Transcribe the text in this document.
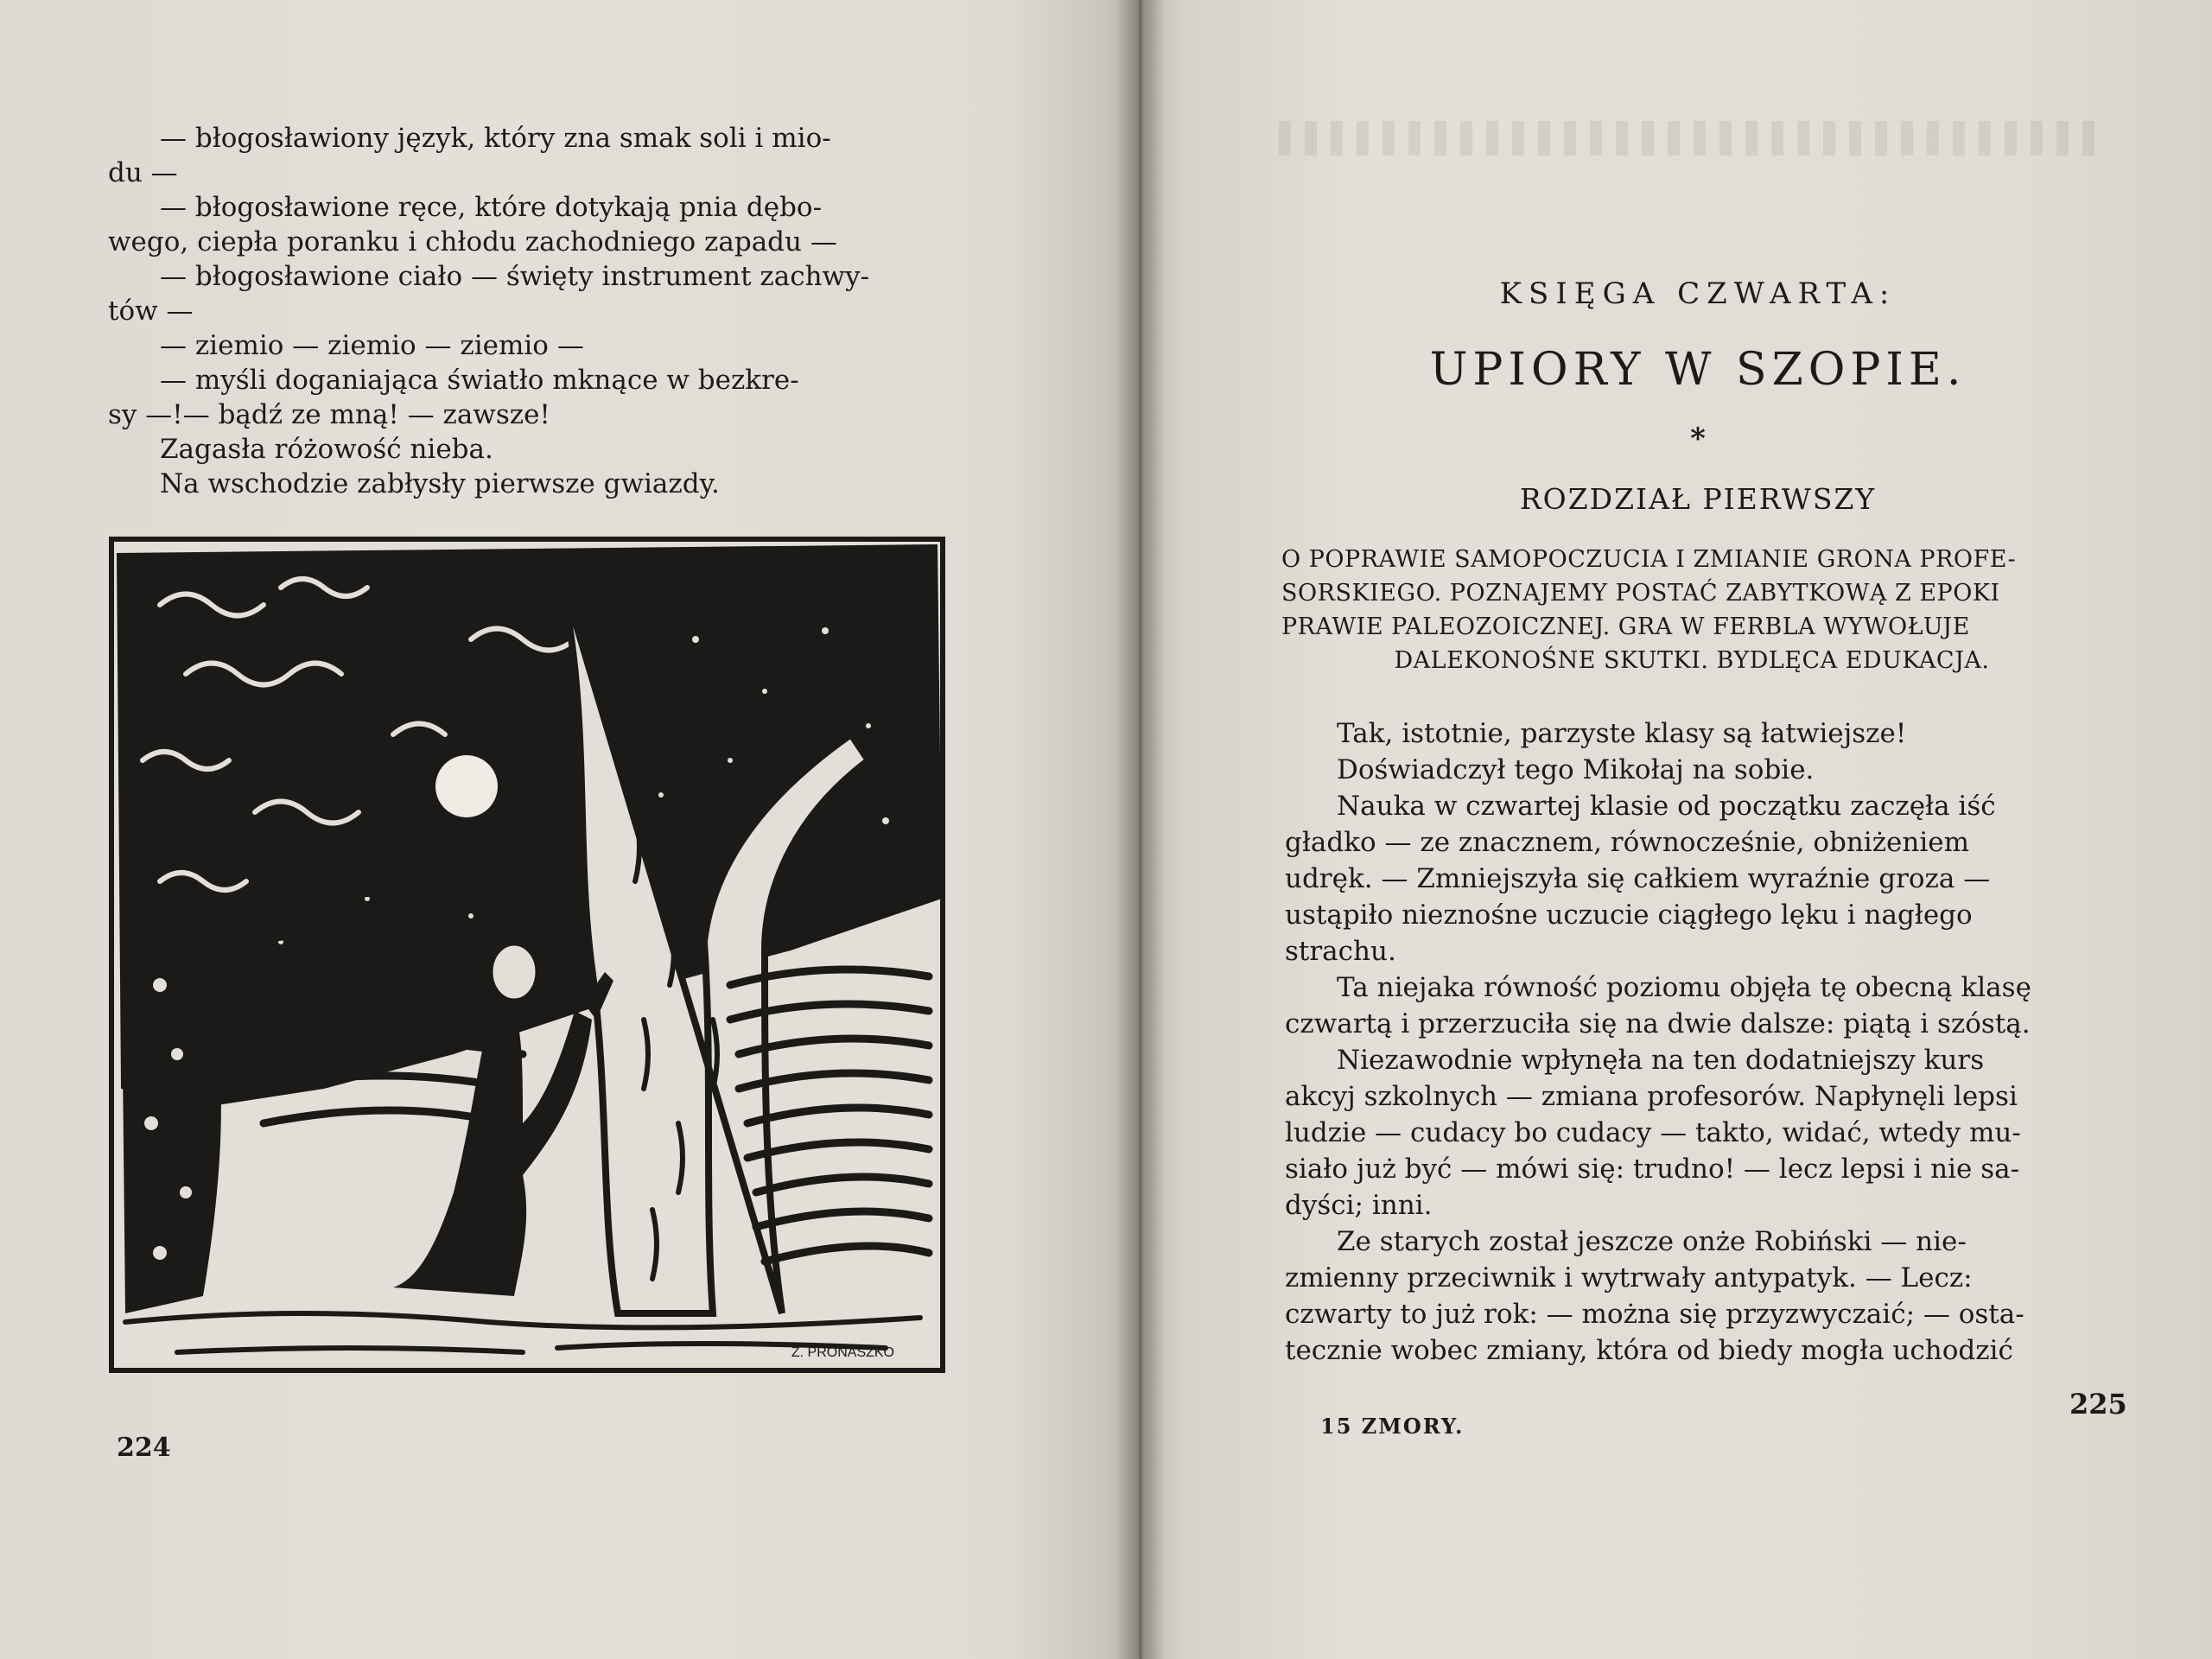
— błogosławiony język, który zna smak soli i mio-
du —
— błogosławione ręce, które dotykają pnia dębo-
wego, ciepła poranku i chłodu zachodniego zapadu —
— błogosławione ciało — święty instrument zachwy-
tów —
— ziemio — ziemio — ziemio —
— myśli doganiająca światło mknące w bezkre-
sy —!— bądź ze mną! — zawsze!
Zagasła różowość nieba.
Na wschodzie zabłysły pierwsze gwiazdy.
Z. PRONASZKO
224
KSIĘGA CZWARTA:
UPIORY W SZOPIE.
*
ROZDZIAŁ PIERWSZY
O POPRAWIE SAMOPOCZUCIA I ZMIANIE GRONA PROFE-
SORSKIEGO. POZNAJEMY POSTAĆ ZABYTKOWĄ Z EPOKI
PRAWIE PALEOZOICZNEJ. GRA W FERBLA WYWOŁUJE
DALEKONOŚNE SKUTKI. BYDLĘCA EDUKACJA.
Tak, istotnie, parzyste klasy są łatwiejsze!
Doświadczył tego Mikołaj na sobie.
Nauka w czwartej klasie od początku zaczęła iść
gładko — ze znacznem, równocześnie, obniżeniem
udręk. — Zmniejszyła się całkiem wyraźnie groza —
ustąpiło nieznośne uczucie ciągłego lęku i nagłego
strachu.
Ta niejaka równość poziomu objęła tę obecną klasę
czwartą i przerzuciła się na dwie dalsze: piątą i szóstą.
Niezawodnie wpłynęła na ten dodatniejszy kurs
akcyj szkolnych — zmiana profesorów. Napłynęli lepsi
ludzie — cudacy bo cudacy — takto, widać, wtedy mu-
siało już być — mówi się: trudno! — lecz lepsi i nie sa-
dyści; inni.
Ze starych został jeszcze onże Robiński — nie-
zmienny przeciwnik i wytrwały antypatyk. — Lecz:
czwarty to już rok: — można się przyzwyczaić; — osta-
tecznie wobec zmiany, która od biedy mogła uchodzić
15 ZMORY.
225
